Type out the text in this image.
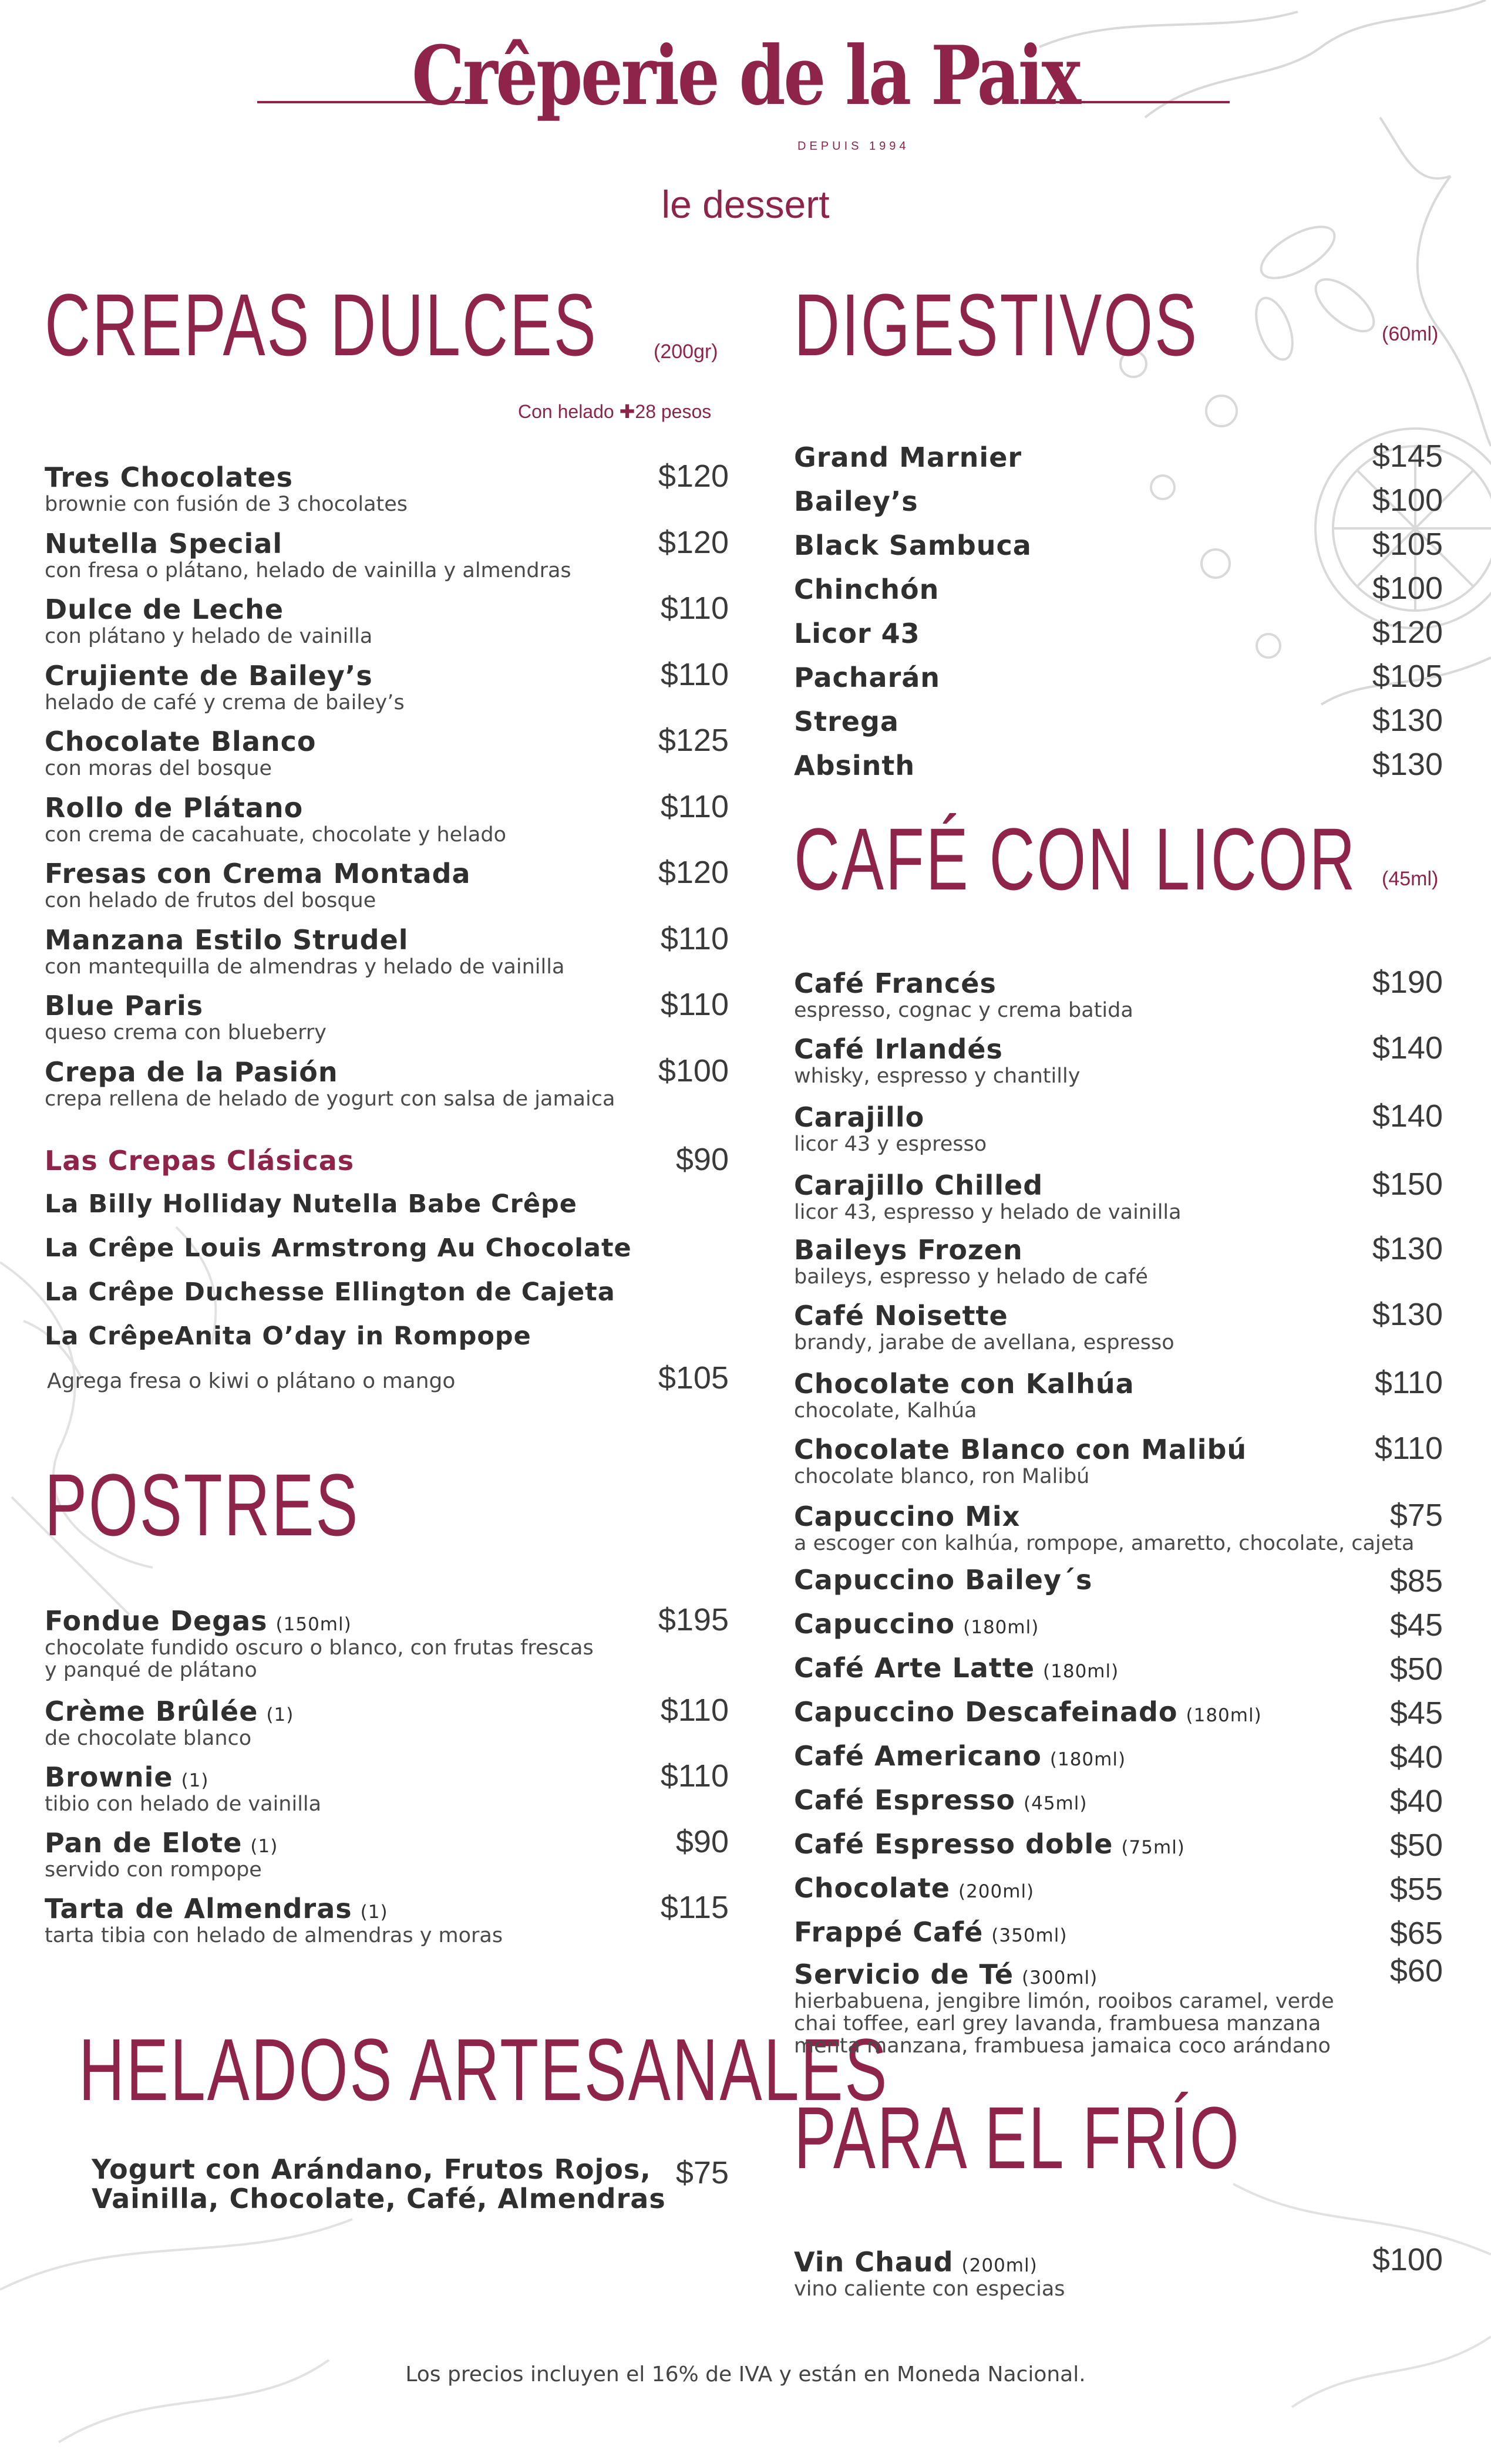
Crêperie de la Paix
DEPUIS 1994
le dessert
CREPAS DULCES	(200gr)
Con helado ✚28 pesos
Tres Chocolates
brownie con fusión de 3 chocolates
$120
Nutella Special
con fresa o plátano, helado de vainilla y almendras
$120
Dulce de Leche
con plátano y helado de vainilla
$110
Crujiente de Bailey’s
helado de café y crema de bailey’s
$110
Chocolate Blanco
con moras del bosque
$125
Rollo de Plátano
con crema de cacahuate, chocolate y helado
$110
Fresas con Crema Montada
con helado de frutos del bosque
$120
Manzana Estilo Strudel
con mantequilla de almendras y helado de vainilla
$110
Blue Paris
queso crema con blueberry
$110
Crepa de la Pasión
crepa rellena de helado de yogurt con salsa de jamaica
$100
Las Crepas Clásicas	$90
La Billy Holliday Nutella Babe Crêpe
La Crêpe Louis Armstrong Au Chocolate
La Crêpe Duchesse Ellington de Cajeta
La CrêpeAnita O’day in Rompope
Agrega fresa o kiwi o plátano o mango	$105
POSTRES
Fondue Degas (150ml)
chocolate fundido oscuro o blanco, con frutas frescas
y panqué de plátano
$195
Crème Brûlée (1)
de chocolate blanco
$110
Brownie (1)
tibio con helado de vainilla
$110
Pan de Elote (1)
servido con rompope
$90
Tarta de Almendras (1)
tarta tibia con helado de almendras y moras
$115
HELADOS ARTESANALES
Yogurt con Arándano, Frutos Rojos,
Vainilla, Chocolate, Café, Almendras
$75
DIGESTIVOS	(60ml)
Grand Marnier	$145
Bailey’s	$100
Black Sambuca	$105
Chinchón	$100
Licor 43	$120
Pacharán	$105
Strega	$130
Absinth	$130
CAFÉ CON LICOR (45ml)
Café Francés
espresso, cognac y crema batida
$190
Café Irlandés
whisky, espresso y chantilly
$140
Carajillo
licor 43 y espresso
$140
Carajillo Chilled
licor 43, espresso y helado de vainilla
$150
Baileys Frozen
baileys, espresso y helado de café
$130
Café Noisette
brandy, jarabe de avellana, espresso
$130
Chocolate con Kalhúa
chocolate, Kalhúa
$110
Chocolate Blanco con Malibú
chocolate blanco, ron Malibú
$110
Capuccino Mix
a escoger con kalhúa, rompope, amaretto, chocolate, cajeta
$75
Capuccino Bailey´s	$85
Capuccino (180ml)	$45
Café Arte Latte (180ml)	$50
Capuccino Descafeinado (180ml)	$45
Café Americano (180ml)	$40
Café Espresso (45ml)	$40
Café Espresso doble (75ml)	$50
Chocolate (200ml)	$55
Frappé Café (350ml)	$65
Servicio de Té (300ml)
hierbabuena, jengibre limón, rooibos caramel, verde
chai toffee, earl grey lavanda, frambuesa manzana
menta manzana, frambuesa jamaica coco arándano
$60
PARA EL FRÍO
Vin Chaud (200ml)
vino caliente con especias
$100
Los precios incluyen el 16% de IVA y están en Moneda Nacional.
